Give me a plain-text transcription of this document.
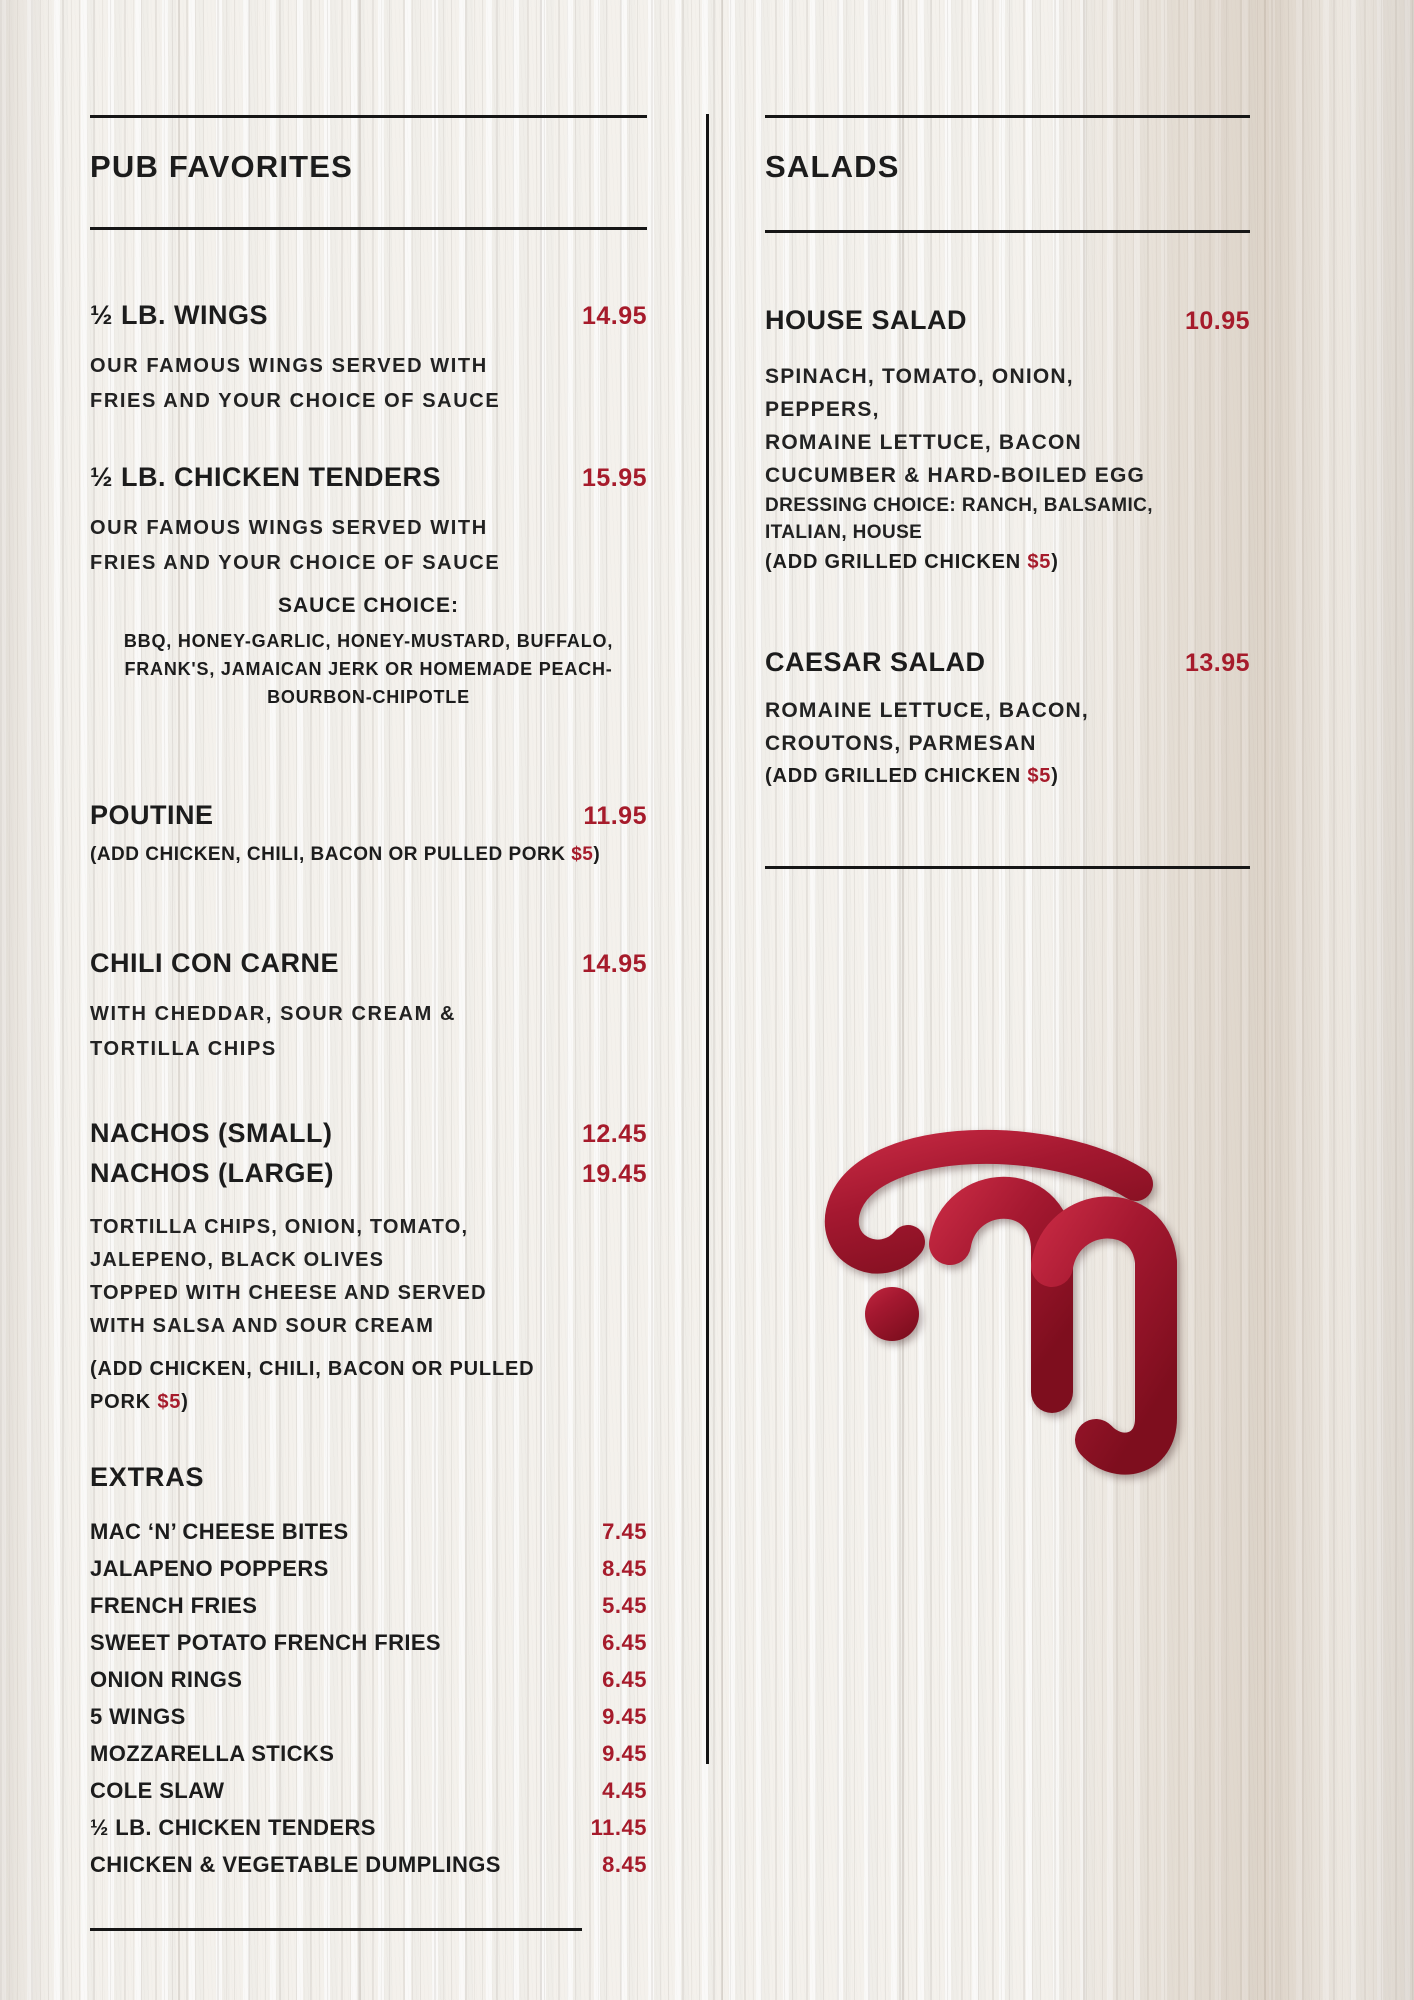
PUB FAVORITES
½ LB. WINGS	14.95
OUR FAMOUS WINGS SERVED WITH
FRIES AND YOUR CHOICE OF SAUCE
½ LB. CHICKEN TENDERS	15.95
OUR FAMOUS WINGS SERVED WITH
FRIES AND YOUR CHOICE OF SAUCE
SAUCE CHOICE:
BBQ, HONEY-GARLIC, HONEY-MUSTARD, BUFFALO,
FRANK'S, JAMAICAN JERK OR HOMEMADE PEACH-
BOURBON-CHIPOTLE
POUTINE	11.95
(ADD CHICKEN, CHILI, BACON OR PULLED PORK $5)
CHILI CON CARNE	14.95
WITH CHEDDAR, SOUR CREAM &
TORTILLA CHIPS
NACHOS (SMALL)	12.45
NACHOS (LARGE)	19.45
TORTILLA CHIPS, ONION, TOMATO,
JALEPENO, BLACK OLIVES
TOPPED WITH CHEESE AND SERVED
WITH SALSA AND SOUR CREAM
(ADD CHICKEN, CHILI, BACON OR PULLED
PORK $5)
EXTRAS
MAC ‘N’ CHEESE BITES	7.45
JALAPENO POPPERS	8.45
FRENCH FRIES	5.45
SWEET POTATO FRENCH FRIES	6.45
ONION RINGS	6.45
5 WINGS	9.45
MOZZARELLA STICKS	9.45
COLE SLAW	4.45
½ LB. CHICKEN TENDERS	11.45
CHICKEN & VEGETABLE DUMPLINGS	8.45
SALADS
HOUSE SALAD	10.95
SPINACH, TOMATO, ONION,
PEPPERS,
ROMAINE LETTUCE, BACON
CUCUMBER & HARD-BOILED EGG
DRESSING CHOICE: RANCH, BALSAMIC,
ITALIAN, HOUSE
(ADD GRILLED CHICKEN $5)
CAESAR SALAD	13.95
ROMAINE LETTUCE, BACON,
CROUTONS, PARMESAN
(ADD GRILLED CHICKEN $5)
